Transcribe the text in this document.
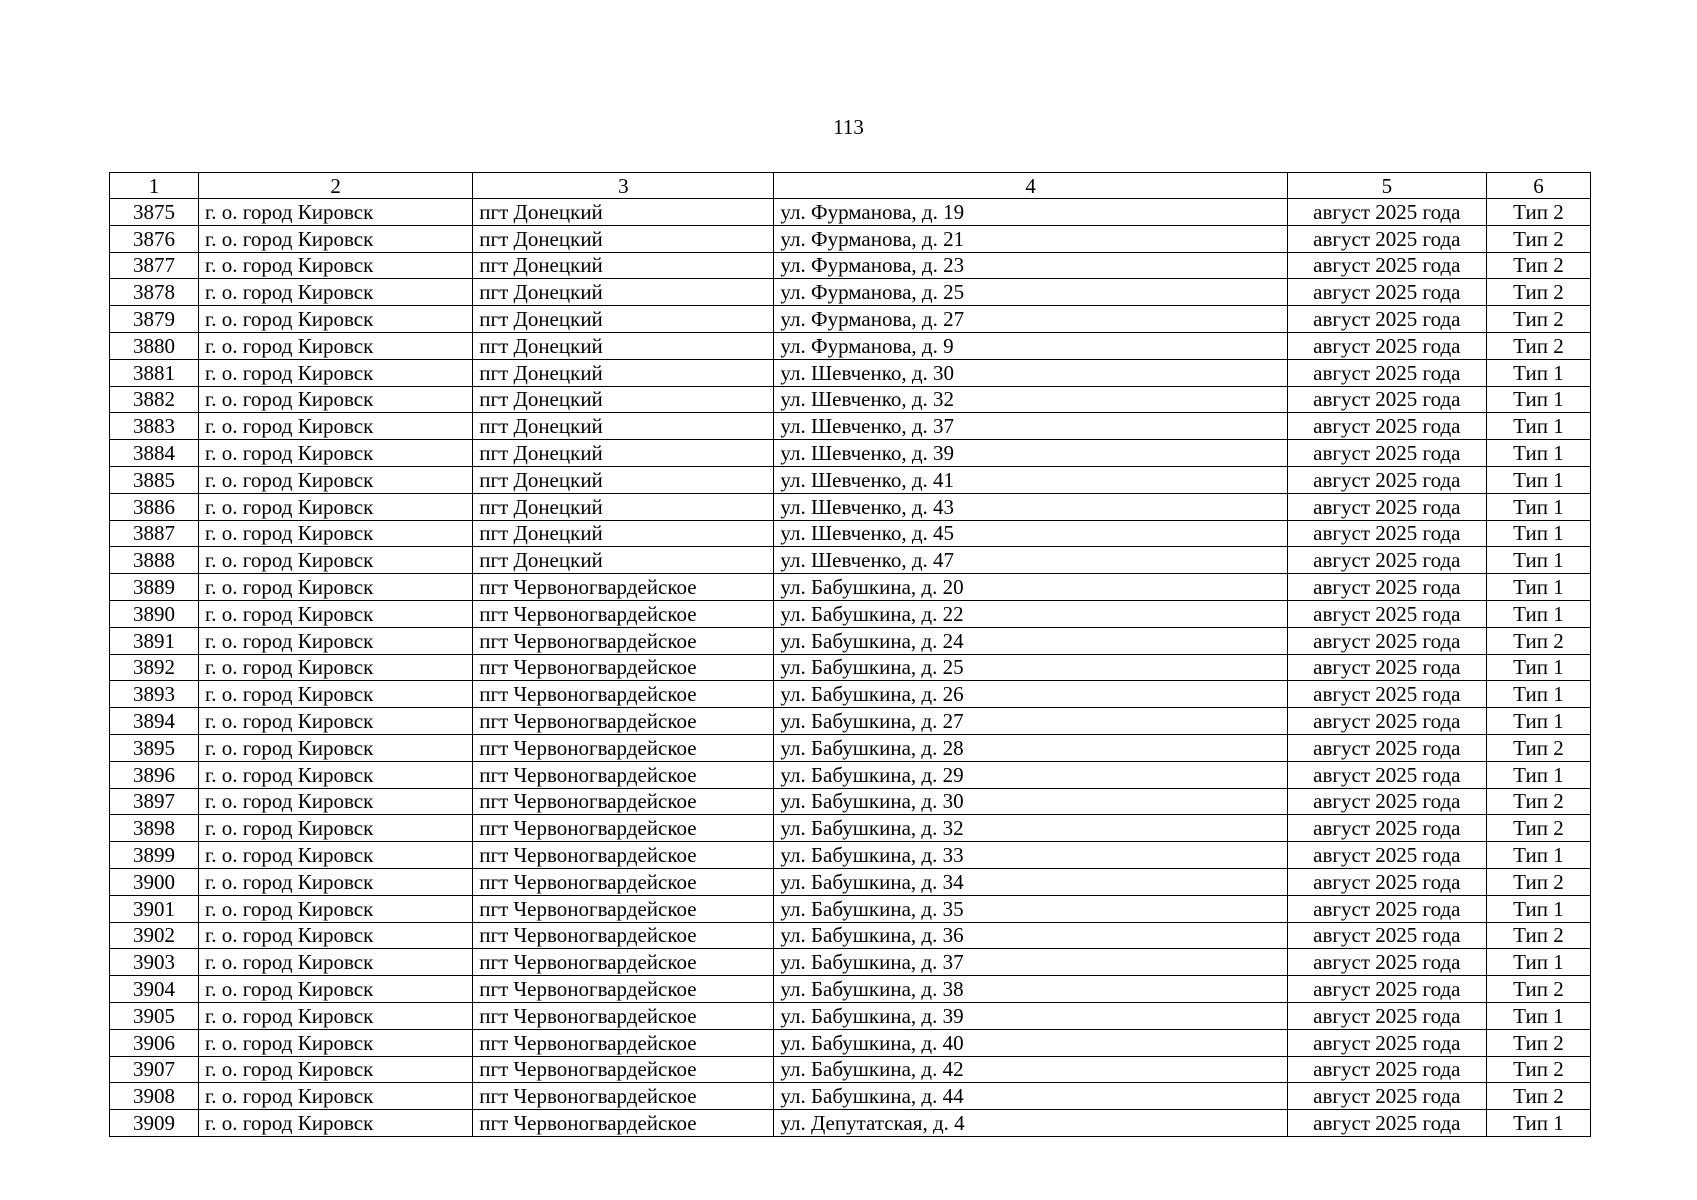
113
1	2	3	4	5	6
3875	г. о. город Кировск	пгт Донецкий	ул. Фурманова, д. 19	август 2025 года	Тип 2
3876	г. о. город Кировск	пгт Донецкий	ул. Фурманова, д. 21	август 2025 года	Тип 2
3877	г. о. город Кировск	пгт Донецкий	ул. Фурманова, д. 23	август 2025 года	Тип 2
3878	г. о. город Кировск	пгт Донецкий	ул. Фурманова, д. 25	август 2025 года	Тип 2
3879	г. о. город Кировск	пгт Донецкий	ул. Фурманова, д. 27	август 2025 года	Тип 2
3880	г. о. город Кировск	пгт Донецкий	ул. Фурманова, д. 9	август 2025 года	Тип 2
3881	г. о. город Кировск	пгт Донецкий	ул. Шевченко, д. 30	август 2025 года	Тип 1
3882	г. о. город Кировск	пгт Донецкий	ул. Шевченко, д. 32	август 2025 года	Тип 1
3883	г. о. город Кировск	пгт Донецкий	ул. Шевченко, д. 37	август 2025 года	Тип 1
3884	г. о. город Кировск	пгт Донецкий	ул. Шевченко, д. 39	август 2025 года	Тип 1
3885	г. о. город Кировск	пгт Донецкий	ул. Шевченко, д. 41	август 2025 года	Тип 1
3886	г. о. город Кировск	пгт Донецкий	ул. Шевченко, д. 43	август 2025 года	Тип 1
3887	г. о. город Кировск	пгт Донецкий	ул. Шевченко, д. 45	август 2025 года	Тип 1
3888	г. о. город Кировск	пгт Донецкий	ул. Шевченко, д. 47	август 2025 года	Тип 1
3889	г. о. город Кировск	пгт Червоногвардейское	ул. Бабушкина, д. 20	август 2025 года	Тип 1
3890	г. о. город Кировск	пгт Червоногвардейское	ул. Бабушкина, д. 22	август 2025 года	Тип 1
3891	г. о. город Кировск	пгт Червоногвардейское	ул. Бабушкина, д. 24	август 2025 года	Тип 2
3892	г. о. город Кировск	пгт Червоногвардейское	ул. Бабушкина, д. 25	август 2025 года	Тип 1
3893	г. о. город Кировск	пгт Червоногвардейское	ул. Бабушкина, д. 26	август 2025 года	Тип 1
3894	г. о. город Кировск	пгт Червоногвардейское	ул. Бабушкина, д. 27	август 2025 года	Тип 1
3895	г. о. город Кировск	пгт Червоногвардейское	ул. Бабушкина, д. 28	август 2025 года	Тип 2
3896	г. о. город Кировск	пгт Червоногвардейское	ул. Бабушкина, д. 29	август 2025 года	Тип 1
3897	г. о. город Кировск	пгт Червоногвардейское	ул. Бабушкина, д. 30	август 2025 года	Тип 2
3898	г. о. город Кировск	пгт Червоногвардейское	ул. Бабушкина, д. 32	август 2025 года	Тип 2
3899	г. о. город Кировск	пгт Червоногвардейское	ул. Бабушкина, д. 33	август 2025 года	Тип 1
3900	г. о. город Кировск	пгт Червоногвардейское	ул. Бабушкина, д. 34	август 2025 года	Тип 2
3901	г. о. город Кировск	пгт Червоногвардейское	ул. Бабушкина, д. 35	август 2025 года	Тип 1
3902	г. о. город Кировск	пгт Червоногвардейское	ул. Бабушкина, д. 36	август 2025 года	Тип 2
3903	г. о. город Кировск	пгт Червоногвардейское	ул. Бабушкина, д. 37	август 2025 года	Тип 1
3904	г. о. город Кировск	пгт Червоногвардейское	ул. Бабушкина, д. 38	август 2025 года	Тип 2
3905	г. о. город Кировск	пгт Червоногвардейское	ул. Бабушкина, д. 39	август 2025 года	Тип 1
3906	г. о. город Кировск	пгт Червоногвардейское	ул. Бабушкина, д. 40	август 2025 года	Тип 2
3907	г. о. город Кировск	пгт Червоногвардейское	ул. Бабушкина, д. 42	август 2025 года	Тип 2
3908	г. о. город Кировск	пгт Червоногвардейское	ул. Бабушкина, д. 44	август 2025 года	Тип 2
3909	г. о. город Кировск	пгт Червоногвардейское	ул. Депутатская, д. 4	август 2025 года	Тип 1
